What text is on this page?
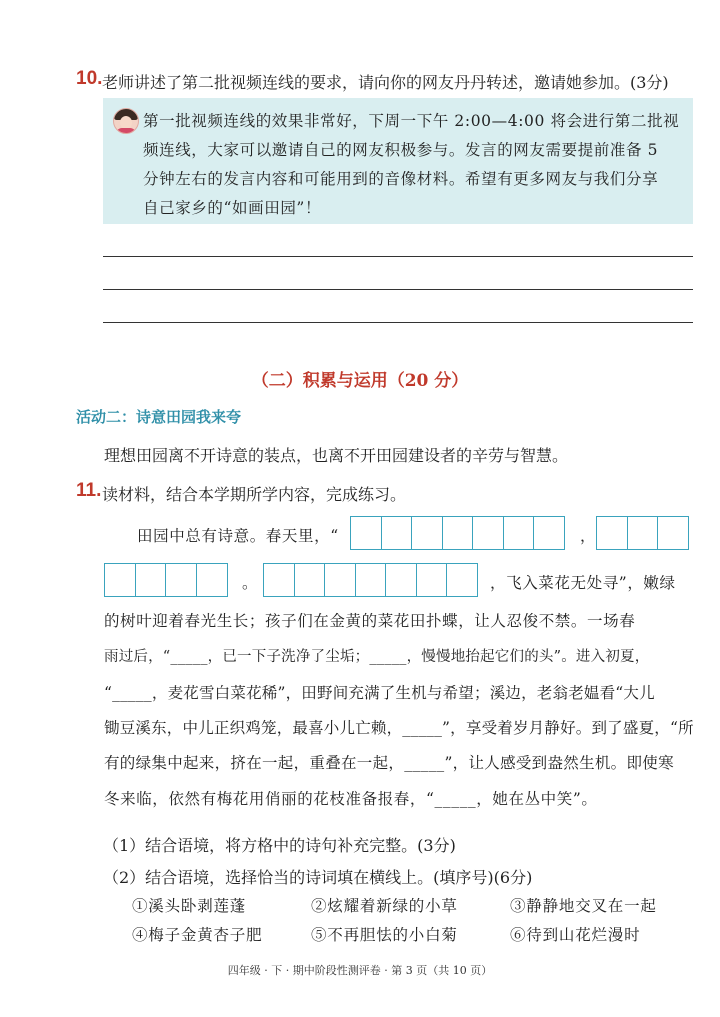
10. 老师讲述了第二批视频连线的要求，请向你的网友丹丹转述，邀请她参加。(3分)
第一批视频连线的效果非常好，下周一下午 2:00—4:00 将会进行第二批视
频连线，大家可以邀请自己的网友积极参与。发言的网友需要提前准备 5
分钟左右的发言内容和可能用到的音像材料。希望有更多网友与我们分享
自己家乡的“如画田园”！
（二）积累与运用（20 分）
活动二：诗意田园我来夸
理想田园离不开诗意的装点，也离不开田园建设者的辛劳与智慧。
11. 读材料，结合本学期所学内容，完成练习。
田园中总有诗意。春天里，“	，
。	，飞入菜花无处寻”，嫩绿
的树叶迎着春光生长；孩子们在金黄的菜花田扑蝶，让人忍俊不禁。一场春
雨过后，“_____，已一下子洗净了尘垢；_____，慢慢地抬起它们的头”。进入初夏，
“_____，麦花雪白菜花稀”，田野间充满了生机与希望；溪边，老翁老媪看“大儿
锄豆溪东，中儿正织鸡笼，最喜小儿亡赖，_____”，享受着岁月静好。到了盛夏，“所
有的绿集中起来，挤在一起，重叠在一起，_____”，让人感受到盎然生机。即使寒
冬来临，依然有梅花用俏丽的花枝准备报春，“_____，她在丛中笑”。
（1）结合语境，将方格中的诗句补充完整。(3分)
（2）结合语境，选择恰当的诗词填在横线上。(填序号)(6分)
①溪头卧剥莲蓬	②炫耀着新绿的小草	③静静地交叉在一起
④梅子金黄杏子肥	⑤不再胆怯的小白菊	⑥待到山花烂漫时
四年级 · 下 · 期中阶段性测评卷 · 第 3 页（共 10 页）
